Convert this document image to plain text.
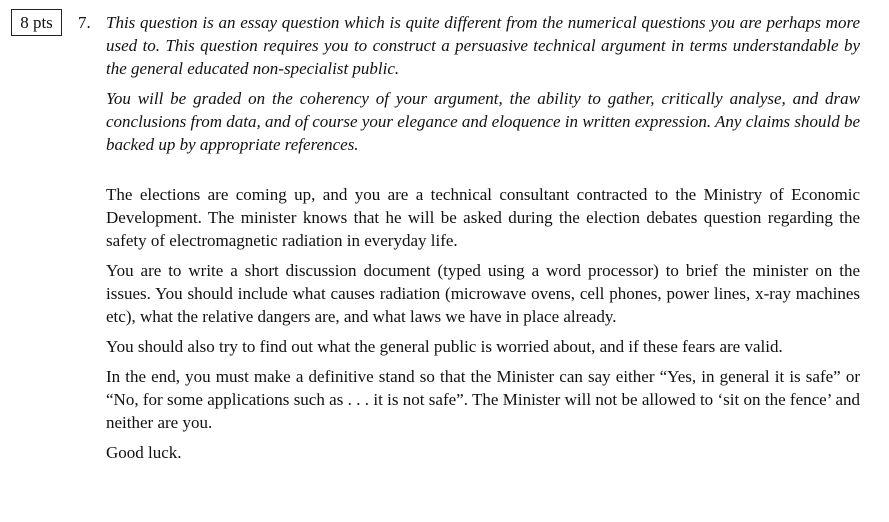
8 pts	7. This question is an essay question which is quite different from the numerical questions you are perhaps more used to. This question requires you to construct a persuasive technical argument in terms understandable by the general educated non-specialist public.

You will be graded on the coherency of your argument, the ability to gather, critically analyse, and draw conclusions from data, and of course your elegance and eloquence in written expression. Any claims should be backed up by appropriate references.

The elections are coming up, and you are a technical consultant contracted to the Ministry of Economic Development. The minister knows that he will be asked during the election debates question regarding the safety of electromagnetic radiation in everyday life.

You are to write a short discussion document (typed using a word processor) to brief the minister on the issues. You should include what causes radiation (microwave ovens, cell phones, power lines, x-ray machines etc), what the relative dangers are, and what laws we have in place already.

You should also try to find out what the general public is worried about, and if these fears are valid.

In the end, you must make a definitive stand so that the Minister can say either “Yes, in general it is safe” or “No, for some applications such as . . . it is not safe”. The Minister will not be allowed to ‘sit on the fence’ and neither are you.

Good luck.
